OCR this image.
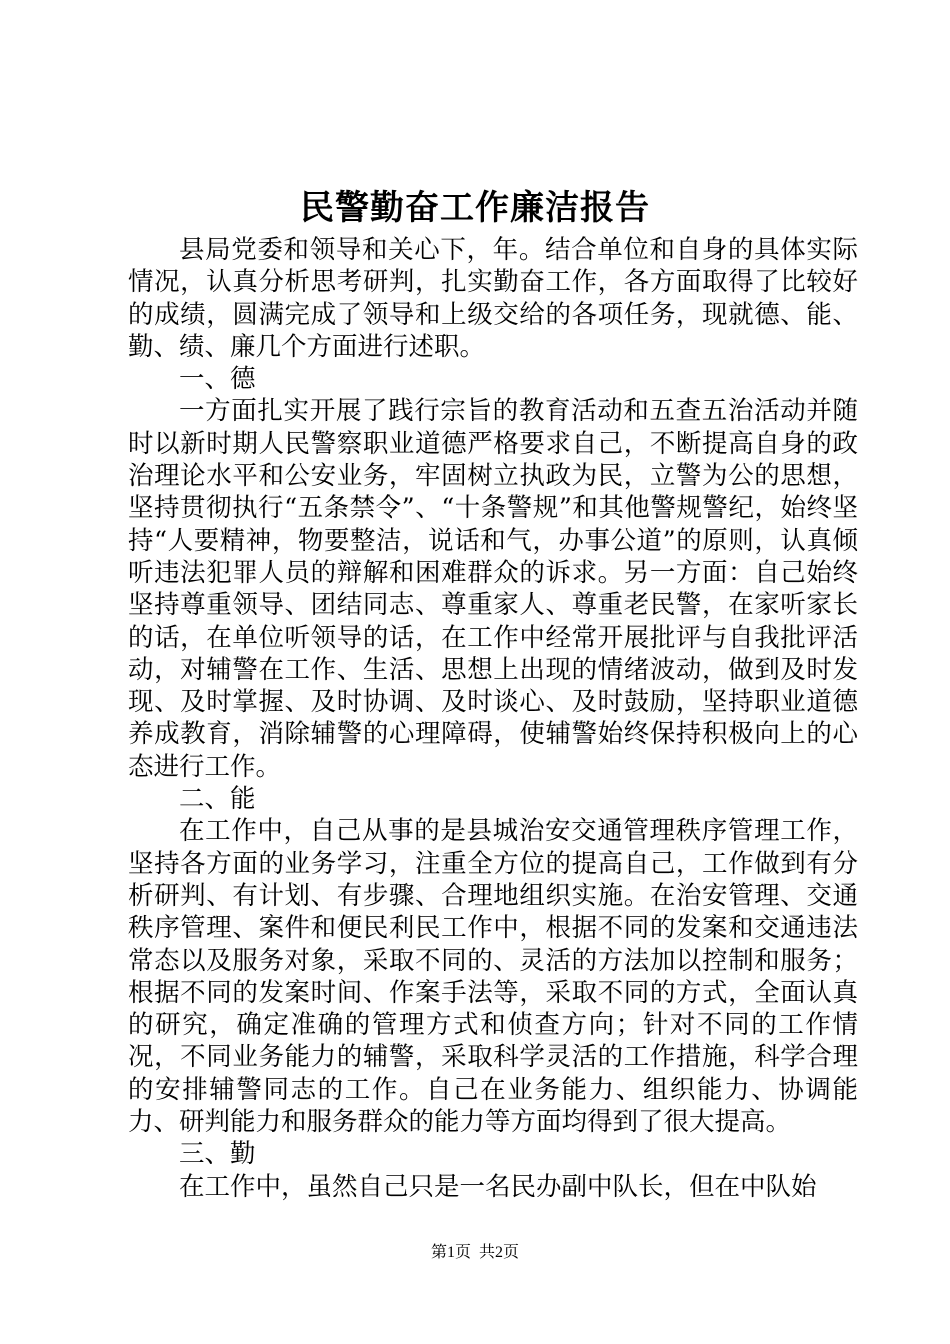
民警勤奋工作廉洁报告

县局党委和领导和关心下，年。结合单位和自身的具体实际情况，认真分析思考研判，扎实勤奋工作，各方面取得了比较好的成绩，圆满完成了领导和上级交给的各项任务，现就德、能、勤、绩、廉几个方面进行述职。

一、德

一方面扎实开展了践行宗旨的教育活动和五查五治活动并随时以新时期人民警察职业道德严格要求自己，不断提高自身的政治理论水平和公安业务，牢固树立执政为民，立警为公的思想，坚持贯彻执行“五条禁令”、“十条警规”和其他警规警纪，始终坚持“人要精神，物要整洁，说话和气，办事公道”的原则，认真倾听违法犯罪人员的辩解和困难群众的诉求。另一方面：自己始终坚持尊重领导、团结同志、尊重家人、尊重老民警，在家听家长的话，在单位听领导的话，在工作中经常开展批评与自我批评活动，对辅警在工作、生活、思想上出现的情绪波动，做到及时发现、及时掌握、及时协调、及时谈心、及时鼓励，坚持职业道德养成教育，消除辅警的心理障碍，使辅警始终保持积极向上的心态进行工作。

二、能

在工作中，自己从事的是县城治安交通管理秩序管理工作，坚持各方面的业务学习，注重全方位的提高自己，工作做到有分析研判、有计划、有步骤、合理地组织实施。在治安管理、交通秩序管理、案件和便民利民工作中，根据不同的发案和交通违法常态以及服务对象，采取不同的、灵活的方法加以控制和服务；根据不同的发案时间、作案手法等，采取不同的方式，全面认真的研究，确定准确的管理方式和侦查方向；针对不同的工作情况，不同业务能力的辅警，采取科学灵活的工作措施，科学合理的安排辅警同志的工作。自己在业务能力、组织能力、协调能力、研判能力和服务群众的能力等方面均得到了很大提高。

三、勤

在工作中，虽然自己只是一名民办副中队长，但在中队始

第1页  共2页
